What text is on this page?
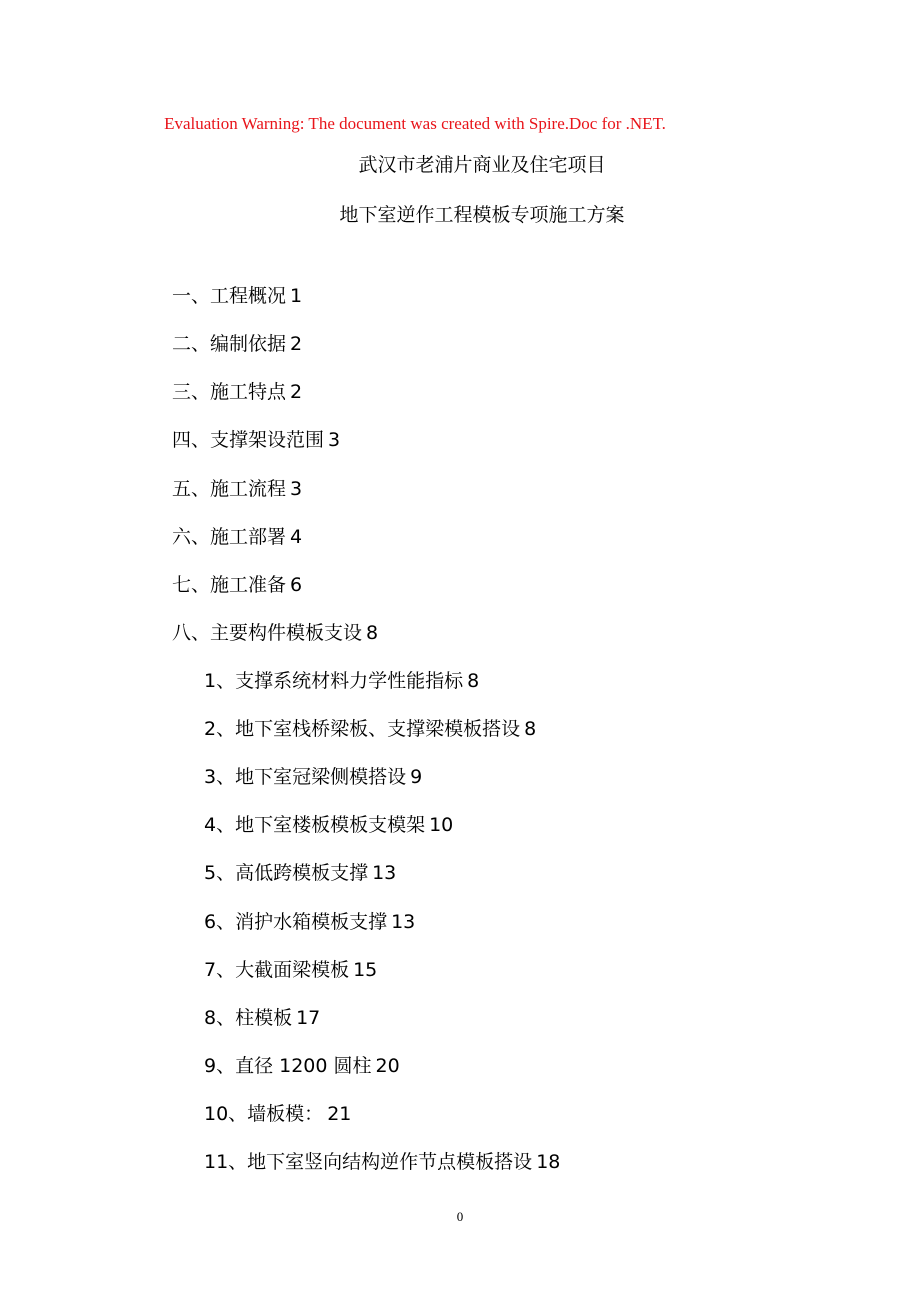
Evaluation Warning: The document was created with Spire.Doc for .NET.
武汉市老浦片商业及住宅项目
地下室逆作工程模板专项施工方案
一、工程概况 1
二、编制依据 2
三、施工特点 2
四、支撑架设范围 3
五、施工流程 3
六、施工部署 4
七、施工准备 6
八、主要构件模板支设 8
1、支撑系统材料力学性能指标 8
2、地下室栈桥梁板、支撑梁模板搭设 8
3、地下室冠梁侧模搭设 9
4、地下室楼板模板支模架 10
5、高低跨模板支撑 13
6、消护水箱模板支撑 13
7、大截面梁模板 15
8、柱模板 17
9、直径 1200 圆柱 20
10、墙板模： 21
11、地下室竖向结构逆作节点模板搭设 18
0
